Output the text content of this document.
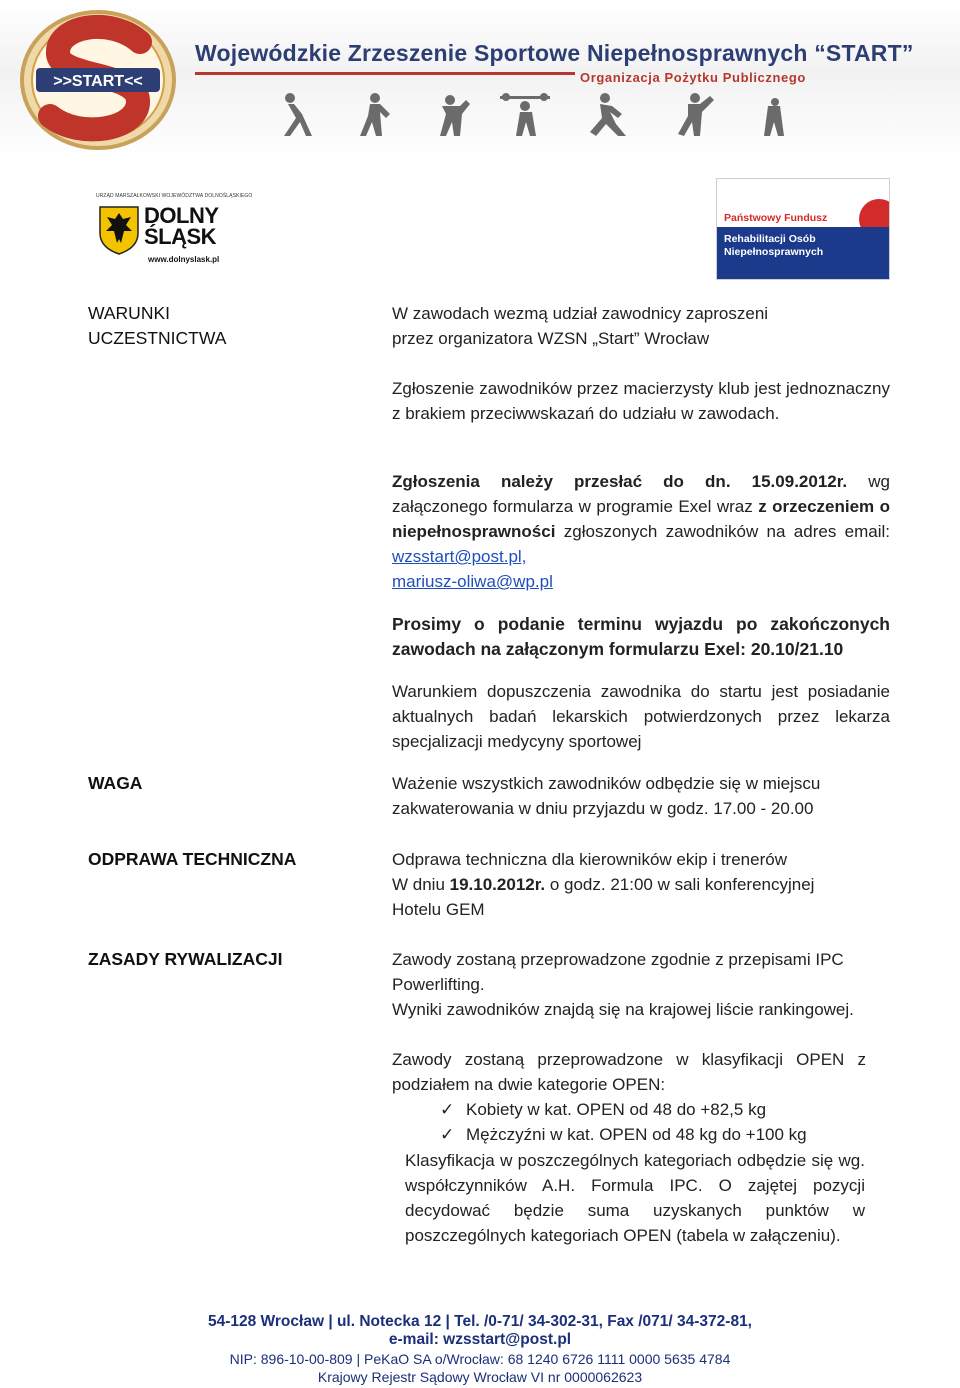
>>START<<
Wojewódzkie Zrzeszenie Sportowe Niepełnosprawnych “START”
Organizacja Pożytku Publicznego
URZĄD MARSZAŁKOWSKI WOJEWÓDZTWA DOLNOŚLĄSKIEGO
DOLNY
ŚLĄSK
www.dolnyslask.pl
Państwowy Fundusz
Rehabilitacji Osób
Niepełnosprawnych
WARUNKI
UCZESTNICTWA
W zawodach wezmą udział zawodnicy zaproszeni przez organizatora WZSN „Start” Wrocław
Zgłoszenie zawodników przez macierzysty klub jest jednoznaczny z brakiem przeciwwskazań do udziału w zawodach.
Zgłoszenia należy przesłać do dn. 15.09.2012r. wg załączonego formularza w programie Exel wraz z orzeczeniem o niepełnosprawności zgłoszonych zawodników na adres email: wzsstart@post.pl,
mariusz-oliwa@wp.pl
Prosimy o podanie terminu wyjazdu po zakończonych zawodach na załączonym formularzu Exel: 20.10/21.10
Warunkiem dopuszczenia zawodnika do startu jest posiadanie aktualnych badań lekarskich potwierdzonych przez lekarza specjalizacji medycyny sportowej
WAGA	Ważenie wszystkich zawodników odbędzie się w miejscu zakwaterowania w dniu przyjazdu w godz. 17.00 - 20.00
ODPRAWA TECHNICZNA	Odprawa techniczna dla kierowników ekip i trenerów
W dniu 19.10.2012r. o godz. 21:00 w sali konferencyjnej
Hotelu GEM
ZASADY RYWALIZACJI	Zawody zostaną przeprowadzone zgodnie z przepisami IPC Powerlifting.
Wyniki zawodników znajdą się na krajowej liście rankingowej.
Zawody zostaną przeprowadzone w klasyfikacji OPEN z podziałem na dwie kategorie OPEN:
✓ Kobiety w kat. OPEN od 48 do +82,5 kg
✓ Mężczyźni w kat. OPEN od 48 kg do +100 kg
Klasyfikacja w poszczególnych kategoriach odbędzie się wg. współczynników A.H. Formula IPC. O zajętej pozycji decydować będzie suma uzyskanych punktów w poszczególnych kategoriach OPEN (tabela w załączeniu).
54-128 Wrocław | ul. Notecka 12 | Tel. /0-71/ 34-302-31, Fax /071/ 34-372-81,
e-mail: wzsstart@post.pl
NIP: 896-10-00-809 | PeKaO SA o/Wrocław: 68 1240 6726 1111 0000 5635 4784
Krajowy Rejestr Sądowy Wrocław VI nr 0000062623
